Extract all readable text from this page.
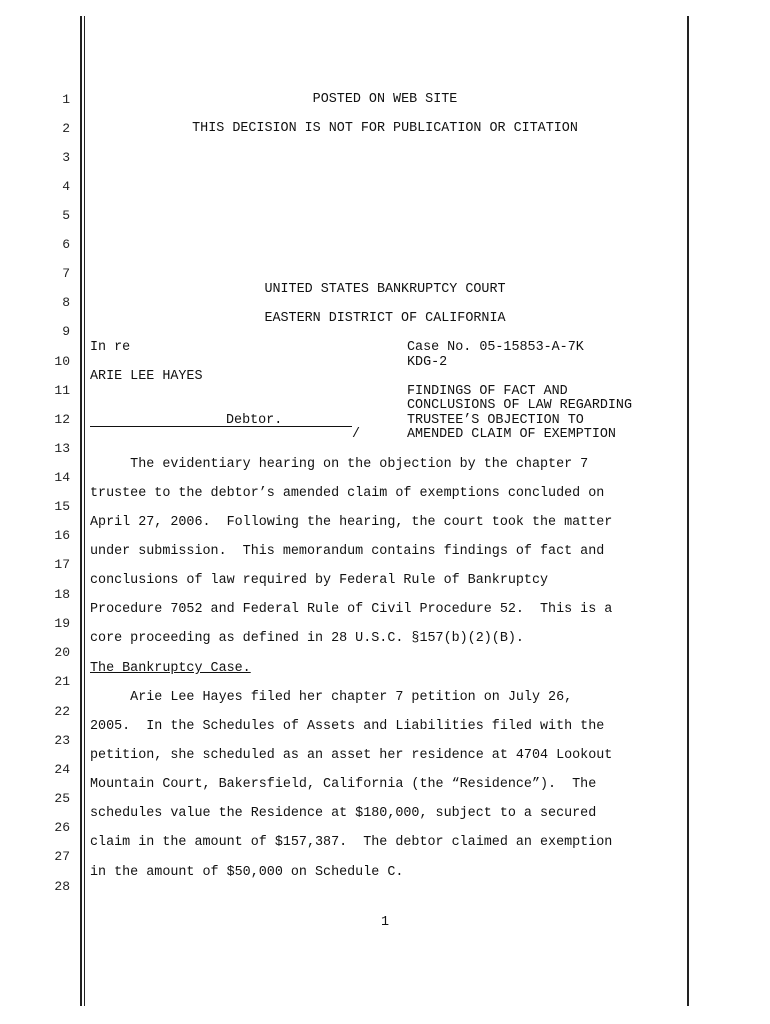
1
2
3
4
5
6
7
8
9
10
11
12
13
14
15
16
17
18
19
20
21
22
23
24
25
26
27
28
POSTED ON WEB SITE
THIS DECISION IS NOT FOR PUBLICATION OR CITATION
UNITED STATES BANKRUPTCY COURT
EASTERN DISTRICT OF CALIFORNIA
In re
ARIE LEE HAYES
Debtor.
/
Case No. 05-15853-A-7K
KDG-2
FINDINGS OF FACT AND
CONCLUSIONS OF LAW REGARDING
TRUSTEE’S OBJECTION TO
AMENDED CLAIM OF EXEMPTION
The evidentiary hearing on the objection by the chapter 7
trustee to the debtor’s amended claim of exemptions concluded on
April 27, 2006.  Following the hearing, the court took the matter
under submission.  This memorandum contains findings of fact and
conclusions of law required by Federal Rule of Bankruptcy
Procedure 7052 and Federal Rule of Civil Procedure 52.  This is a
core proceeding as defined in 28 U.S.C. §157(b)(2)(B).
The Bankruptcy Case.
Arie Lee Hayes filed her chapter 7 petition on July 26,
2005.  In the Schedules of Assets and Liabilities filed with the
petition, she scheduled as an asset her residence at 4704 Lookout
Mountain Court, Bakersfield, California (the “Residence”).  The
schedules value the Residence at $180,000, subject to a secured
claim in the amount of $157,387.  The debtor claimed an exemption
in the amount of $50,000 on Schedule C.
1
